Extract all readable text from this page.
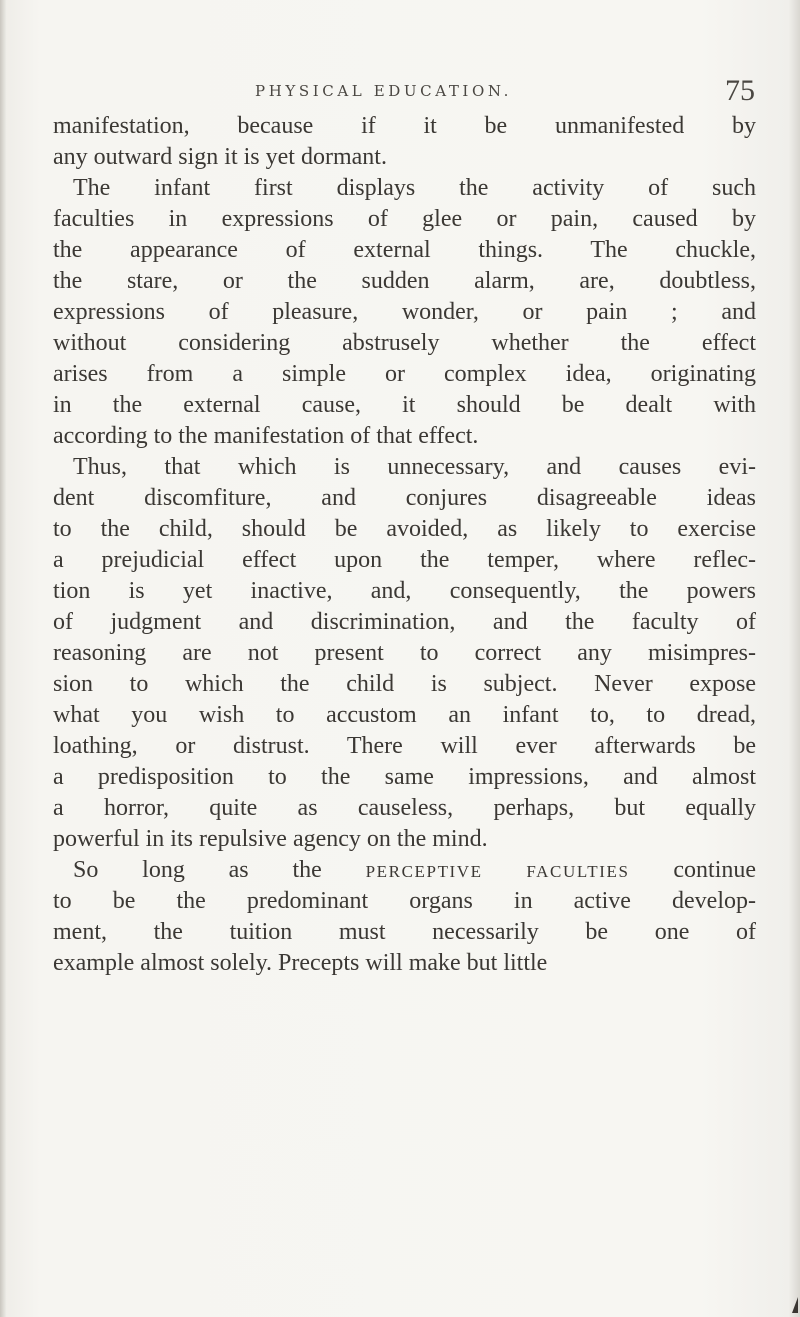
PHYSICAL EDUCATION.	75
manifestation, because if it be unmanifested by
any outward sign it is yet dormant.
The infant first displays the activity of such
faculties in expressions of glee or pain, caused by
the appearance of external things. The chuckle,
the stare, or the sudden alarm, are, doubtless,
expressions of pleasure, wonder, or pain ; and
without considering abstrusely whether the effect
arises from a simple or complex idea, originating
in the external cause, it should be dealt with
according to the manifestation of that effect.
Thus, that which is unnecessary, and causes evi-
dent discomfiture, and conjures disagreeable ideas
to the child, should be avoided, as likely to exercise
a prejudicial effect upon the temper, where reflec-
tion is yet inactive, and, consequently, the powers
of judgment and discrimination, and the faculty of
reasoning are not present to correct any misimpres-
sion to which the child is subject. Never expose
what you wish to accustom an infant to, to dread,
loathing, or distrust. There will ever afterwards be
a predisposition to the same impressions, and almost
a horror, quite as causeless, perhaps, but equally
powerful in its repulsive agency on the mind.
So long as the PERCEPTIVE FACULTIES continue
to be the predominant organs in active develop-
ment, the tuition must necessarily be one of
example almost solely. Precepts will make but little
